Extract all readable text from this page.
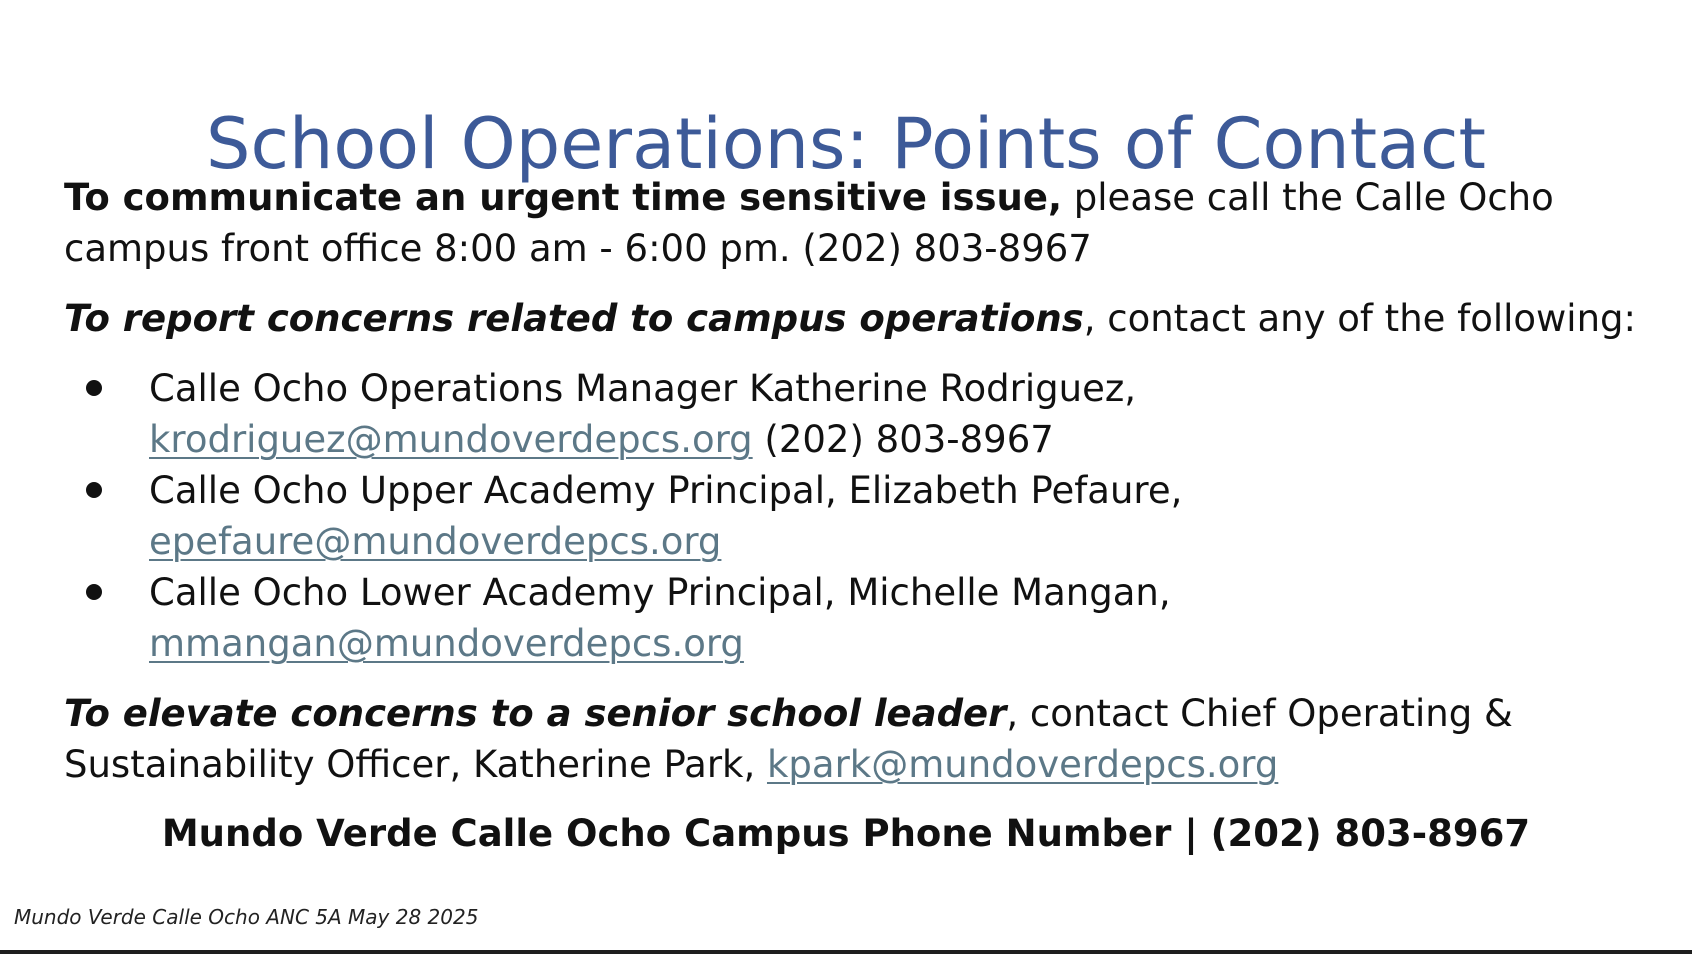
School Operations: Points of Contact

To communicate an urgent time sensitive issue, please call the Calle Ocho campus front office 8:00 am - 6:00 pm. (202) 803-8967

To report concerns related to campus operations, contact any of the following:

Calle Ocho Operations Manager Katherine Rodriguez,
krodriguez@mundoverdepcs.org (202) 803-8967
Calle Ocho Upper Academy Principal, Elizabeth Pefaure,
epefaure@mundoverdepcs.org
Calle Ocho Lower Academy Principal, Michelle Mangan,
mmangan@mundoverdepcs.org

To elevate concerns to a senior school leader, contact Chief Operating & Sustainability Officer, Katherine Park, kpark@mundoverdepcs.org

Mundo Verde Calle Ocho Campus Phone Number | (202) 803-8967
Mundo Verde Calle Ocho ANC 5A May 28 2025
